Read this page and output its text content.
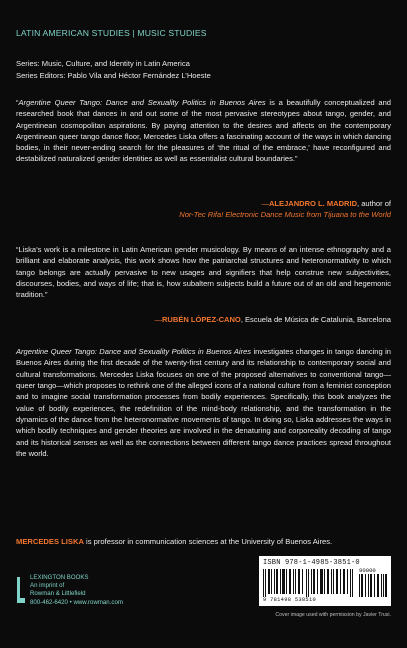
LATIN AMERICAN STUDIES | MUSIC STUDIES
Series: Music, Culture, and Identity in Latin America
Series Editors: Pablo Vila and Héctor Fernández L’Hoeste

“Argentine Queer Tango: Dance and Sexuality Politics in Buenos Aires is a beautifully conceptualized and researched book that dances in and out some of the most pervasive stereotypes about tango, gender, and Argentinean cosmopolitan aspirations. By paying attention to the desires and affects on the contemporary Argentinean queer tango dance floor, Mercedes Liska offers a fascinating account of the ways in which dancing bodies, in their never-ending search for the pleasures of ‘the ritual of the embrace,’ have reconfigured and destabilized naturalized gender identities as well as essentialist cultural boundaries.”

—ALEJANDRO L. MADRID, author of
Nor-Tec Rifa! Electronic Dance Music from Tijuana to the World

“Liska’s work is a milestone in Latin American gender musicology. By means of an intense ethnography and a brilliant and elaborate analysis, this work shows how the patriarchal structures and heteronormativity to which tango belongs are actually pervasive to new usages and signifiers that help construe new subjectivities, discourses, bodies, and ways of life; that is, how subaltern subjects build a future out of an old and hegemonic tradition.”

—RUBÉN LÓPEZ-CANO, Escuela de Música de Catalunia, Barcelona

Argentine Queer Tango: Dance and Sexuality Politics in Buenos Aires investigates changes in tango dancing in Buenos Aires during the first decade of the twenty-first century and its relationship to contemporary social and cultural transformations. Mercedes Liska focuses on one of the proposed alternatives to conventional tango—queer tango—which proposes to rethink one of the alleged icons of a national culture from a feminist conception and to imagine social transformation processes from bodily experiences. Specifically, this book analyzes the value of bodily experiences, the redefinition of the mind-body relationship, and the transformation in the dynamics of the dance from the heteronormative movements of tango. In doing so, Liska addresses the ways in which bodily techniques and gender theories are involved in the denaturing and corporeality decoding of tango and its historical senses as well as the connections between different tango dance practices spread throughout the world.

MERCEDES LISKA is professor in communication sciences at the University of Buenos Aires.
LEXINGTON BOOKS
An imprint of
Rowman & Littlefield
800-462-6420 • www.rowman.com
ISBN 978-1-4985-3851-0
9 781498 538510
90000
Cover image used with permission by Javier Trusi.
